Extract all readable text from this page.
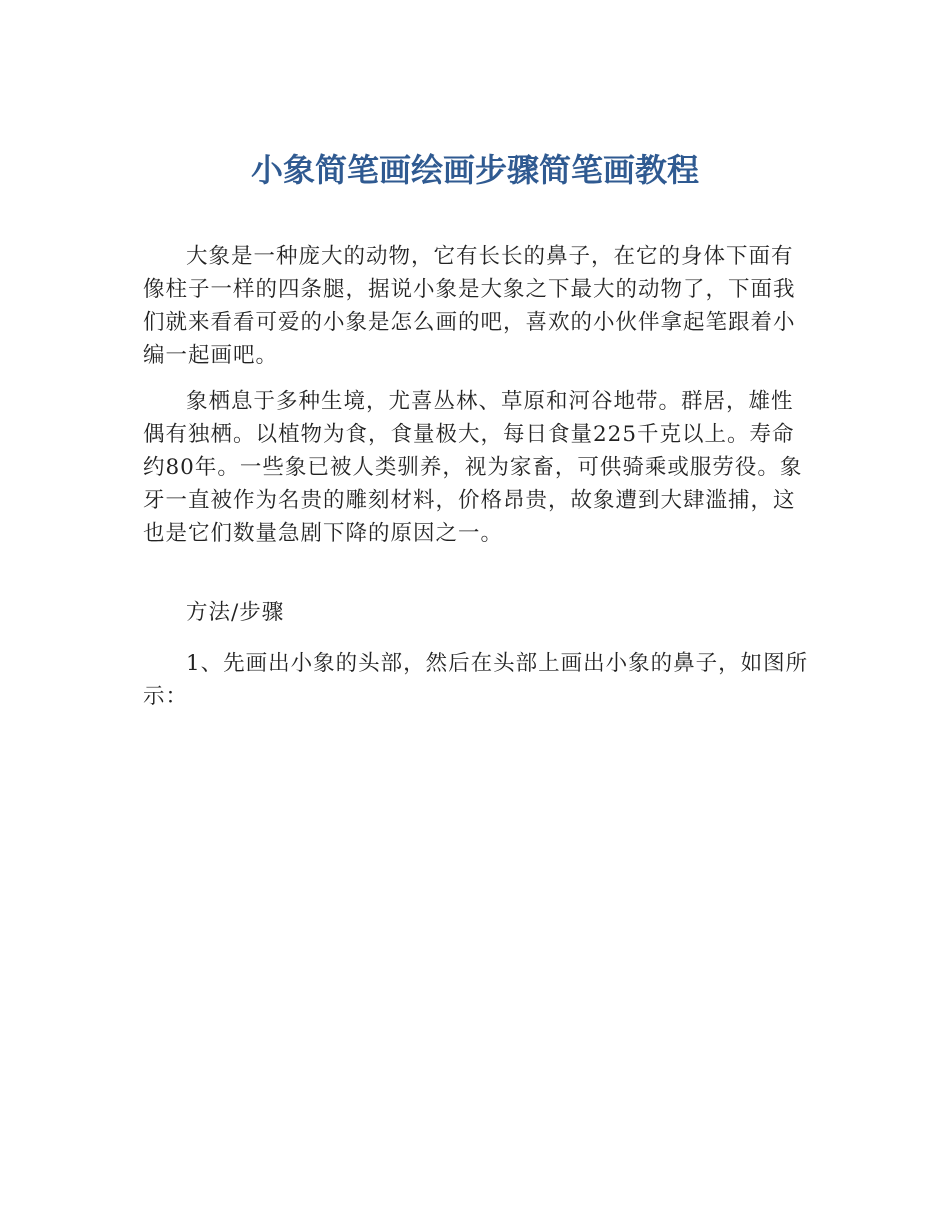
小象简笔画绘画步骤简笔画教程

大象是一种庞大的动物，它有长长的鼻子，在它的身体下面有像柱子一样的四条腿，据说小象是大象之下最大的动物了，下面我们就来看看可爱的小象是怎么画的吧，喜欢的小伙伴拿起笔跟着小编一起画吧。

象栖息于多种生境，尤喜丛林、草原和河谷地带。群居，雄性偶有独栖。以植物为食，食量极大，每日食量225千克以上。寿命约80年。一些象已被人类驯养，视为家畜，可供骑乘或服劳役。象牙一直被作为名贵的雕刻材料，价格昂贵，故象遭到大肆滥捕，这也是它们数量急剧下降的原因之一。

方法/步骤

1、先画出小象的头部，然后在头部上画出小象的鼻子，如图所示：
